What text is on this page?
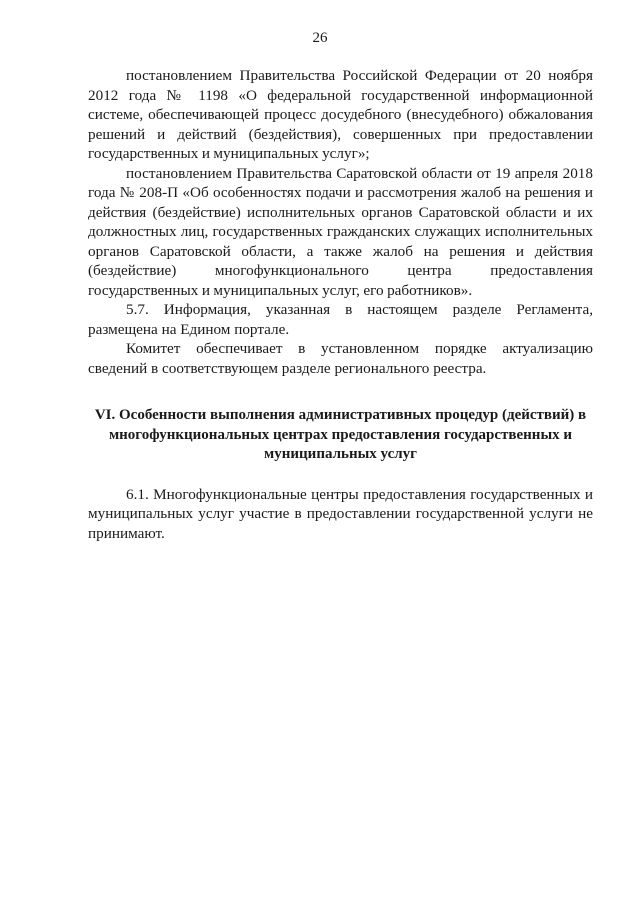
26

постановлением Правительства Российской Федерации от 20 ноября 2012 года № 1198 «О федеральной государственной информационной системе, обеспечивающей процесс досудебного (внесудебного) обжалования решений и действий (бездействия), совершенных при предоставлении государственных и муниципальных услуг»;

постановлением Правительства Саратовской области от 19 апреля 2018 года № 208-П «Об особенностях подачи и рассмотрения жалоб на решения и действия (бездействие) исполнительных органов Саратовской области и их должностных лиц, государственных гражданских служащих исполнительных органов Саратовской области, а также жалоб на решения и действия (бездействие) многофункционального центра предоставления государственных и муниципальных услуг, его работников».

5.7. Информация, указанная в настоящем разделе Регламента, размещена на Едином портале.

Комитет обеспечивает в установленном порядке актуализацию сведений в соответствующем разделе регионального реестра.

VI. Особенности выполнения административных процедур (действий) в многофункциональных центрах предоставления государственных и муниципальных услуг

6.1. Многофункциональные центры предоставления государственных и муниципальных услуг участие в предоставлении государственной услуги не принимают.
